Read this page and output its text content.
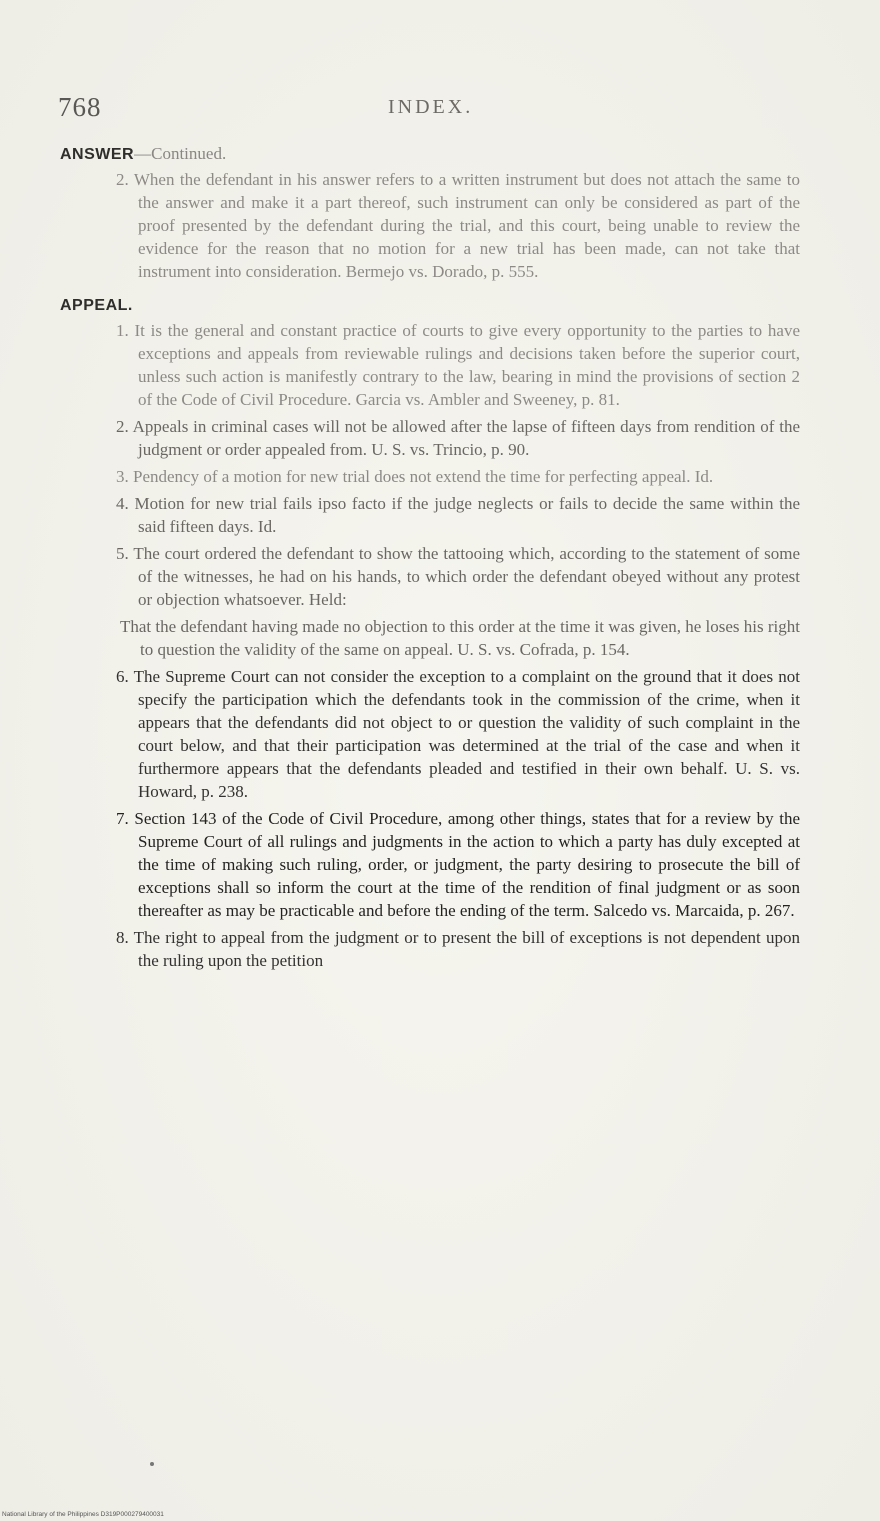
768	INDEX.

ANSWER—Continued.

2. When the defendant in his answer refers to a written instrument but does not attach the same to the answer and make it a part thereof, such instrument can only be considered as part of the proof presented by the defendant during the trial, and this court, being unable to review the evidence for the reason that no motion for a new trial has been made, can not take that instrument into consideration. Bermejo vs. Dorado, p. 555.

APPEAL.

1. It is the general and constant practice of courts to give every opportunity to the parties to have exceptions and appeals from reviewable rulings and decisions taken before the superior court, unless such action is manifestly contrary to the law, bearing in mind the provisions of section 2 of the Code of Civil Procedure. Garcia vs. Ambler and Sweeney, p. 81.

2. Appeals in criminal cases will not be allowed after the lapse of fifteen days from rendition of the judgment or order appealed from. U. S. vs. Trincio, p. 90.

3. Pendency of a motion for new trial does not extend the time for perfecting appeal. Id.

4. Motion for new trial fails ipso facto if the judge neglects or fails to decide the same within the said fifteen days. Id.

5. The court ordered the defendant to show the tattooing which, according to the statement of some of the witnesses, he had on his hands, to which order the defendant obeyed without any protest or objection whatsoever. Held:

That the defendant having made no objection to this order at the time it was given, he loses his right to question the validity of the same on appeal. U. S. vs. Cofrada, p. 154.

6. The Supreme Court can not consider the exception to a complaint on the ground that it does not specify the participation which the defendants took in the commission of the crime, when it appears that the defendants did not object to or question the validity of such complaint in the court below, and that their participation was determined at the trial of the case and when it furthermore appears that the defendants pleaded and testified in their own behalf. U. S. vs. Howard, p. 238.

7. Section 143 of the Code of Civil Procedure, among other things, states that for a review by the Supreme Court of all rulings and judgments in the action to which a party has duly excepted at the time of making such ruling, order, or judgment, the party desiring to prosecute the bill of exceptions shall so inform the court at the time of the rendition of final judgment or as soon thereafter as may be practicable and before the ending of the term. Salcedo vs. Marcaida, p. 267.

8. The right to appeal from the judgment or to present the bill of exceptions is not dependent upon the ruling upon the petition

National Library of the Philippines D319P000279400031
